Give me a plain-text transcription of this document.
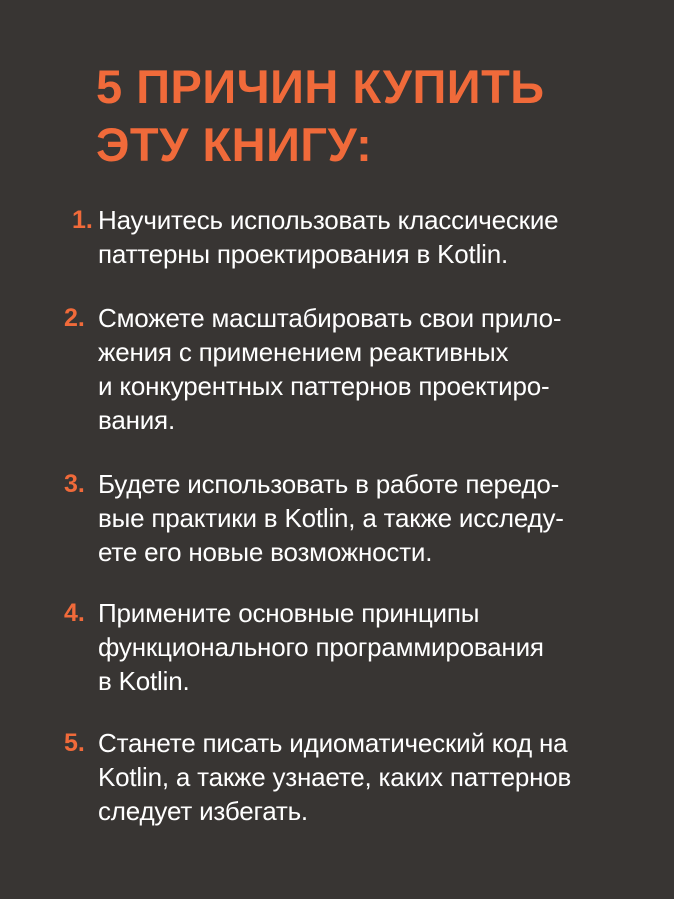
5 ПРИЧИН КУПИТЬ
ЭТУ КНИГУ:
1. Научитесь использовать классические
паттерны проектирования в Kotlin.
2. Сможете масштабировать свои прило-
жения с применением реактивных
и конкурентных паттернов проектиро-
вания.
3. Будете использовать в работе передо-
вые практики в Kotlin, а также исследу-
ете его новые возможности.
4. Примените основные принципы
функционального программирования
в Kotlin.
5. Станете писать идиоматический код на
Kotlin, а также узнаете, каких паттернов
следует избегать.
